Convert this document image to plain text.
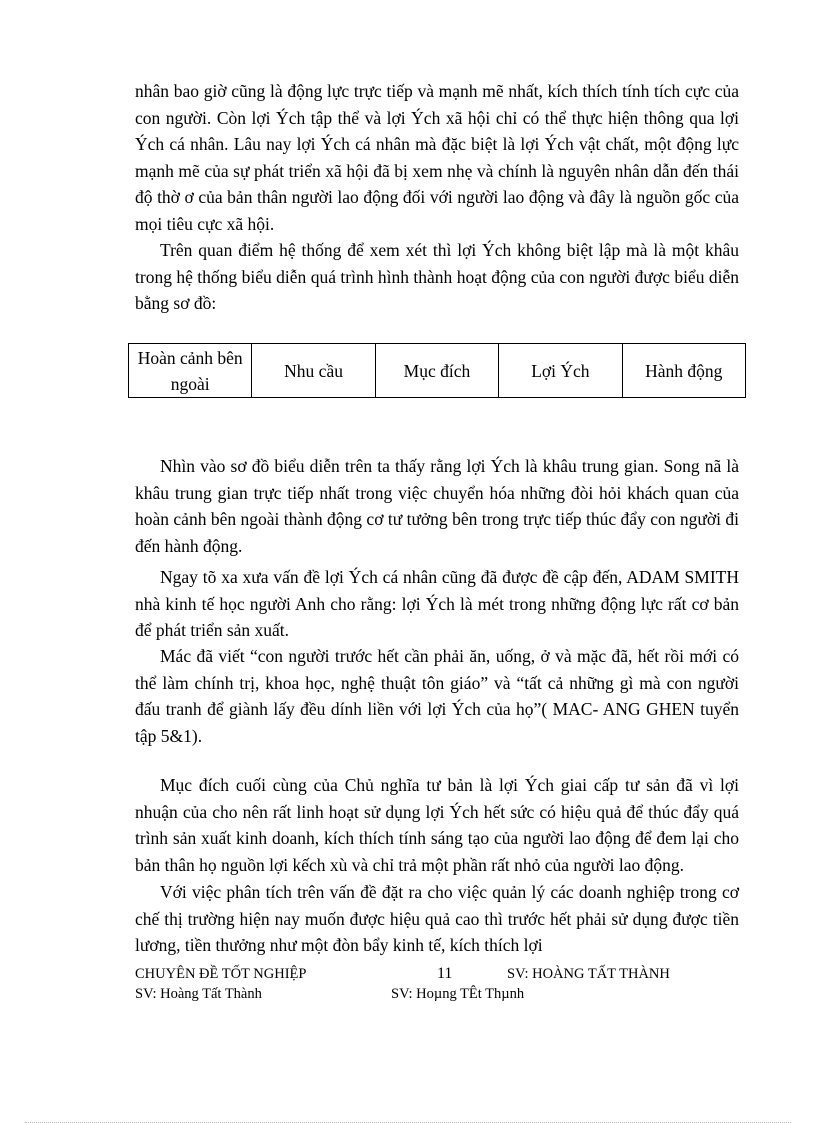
nhân bao giờ cũng là động lực trực tiếp và mạnh mẽ nhất, kích thích tính tích cực của con người. Còn lợi Ých tập thể và lợi Ých xã hội chỉ có thể thực hiện thông qua lợi Ých cá nhân. Lâu nay lợi Ých cá nhân mà đặc biệt là lợi Ých vật chất, một động lực mạnh mẽ của sự phát triển xã hội đã bị xem nhẹ và chính là nguyên nhân dẫn đến thái độ thờ ơ của bản thân người lao động đối với người lao động và đây là nguồn gốc của mọi tiêu cực xã hội.

Trên quan điểm hệ thống để xem xét thì lợi Ých không biệt lập mà là một khâu trong hệ thống biểu diễn quá trình hình thành hoạt động của con người được biểu diễn bằng sơ đồ:

Hoàn cảnh bên ngoài	Nhu cầu	Mục đích	Lợi Ých	Hành động

Nhìn vào sơ đồ biểu diễn trên ta thấy rằng lợi Ých là khâu trung gian. Song nã là khâu trung gian trực tiếp nhất trong việc chuyển hóa những đòi hỏi khách quan của hoàn cảnh bên ngoài thành động cơ tư tưởng bên trong trực tiếp thúc đẩy con người đi đến hành động.

Ngay tõ xa xưa vấn đề lợi Ých cá nhân cũng đã được đề cập đến, ADAM SMITH nhà kinh tế học người Anh cho rằng: lợi Ých là mét trong những động lực rất cơ bản để phát triển sản xuất.

Mác đã viết “con người trước hết cần phải ăn, uống, ở và mặc đã, hết rồi mới có thể làm chính trị, khoa học, nghệ thuật tôn giáo” và “tất cả những gì mà con người đấu tranh để giành lấy đều dính liền với lợi Ých của họ”( MAC- ANG GHEN tuyển tập 5&1).

Mục đích cuối cùng của Chủ nghĩa tư bản là lợi Ých giai cấp tư sản đã vì lợi nhuận của cho nên rất linh hoạt sử dụng lợi Ých hết sức có hiệu quả để thúc đẩy quá trình sản xuất kinh doanh, kích thích tính sáng tạo của người lao động để đem lại cho bản thân họ nguồn lợi kếch xù và chỉ trả một phần rất nhỏ của người lao động.

Với việc phân tích trên vấn đề đặt ra cho việc quản lý các doanh nghiệp trong cơ chế thị trường hiện nay muốn được hiệu quả cao thì trước hết phải sử dụng được tiền lương, tiền thưởng như một đòn bẩy kinh tế, kích thích lợi

CHUYÊN ĐỀ TỐT NGHIỆP	11	SV: HOÀNG TẤT THÀNH
SV: Hoàng Tất Thành	SV: Hoµng TÊt Thµnh
